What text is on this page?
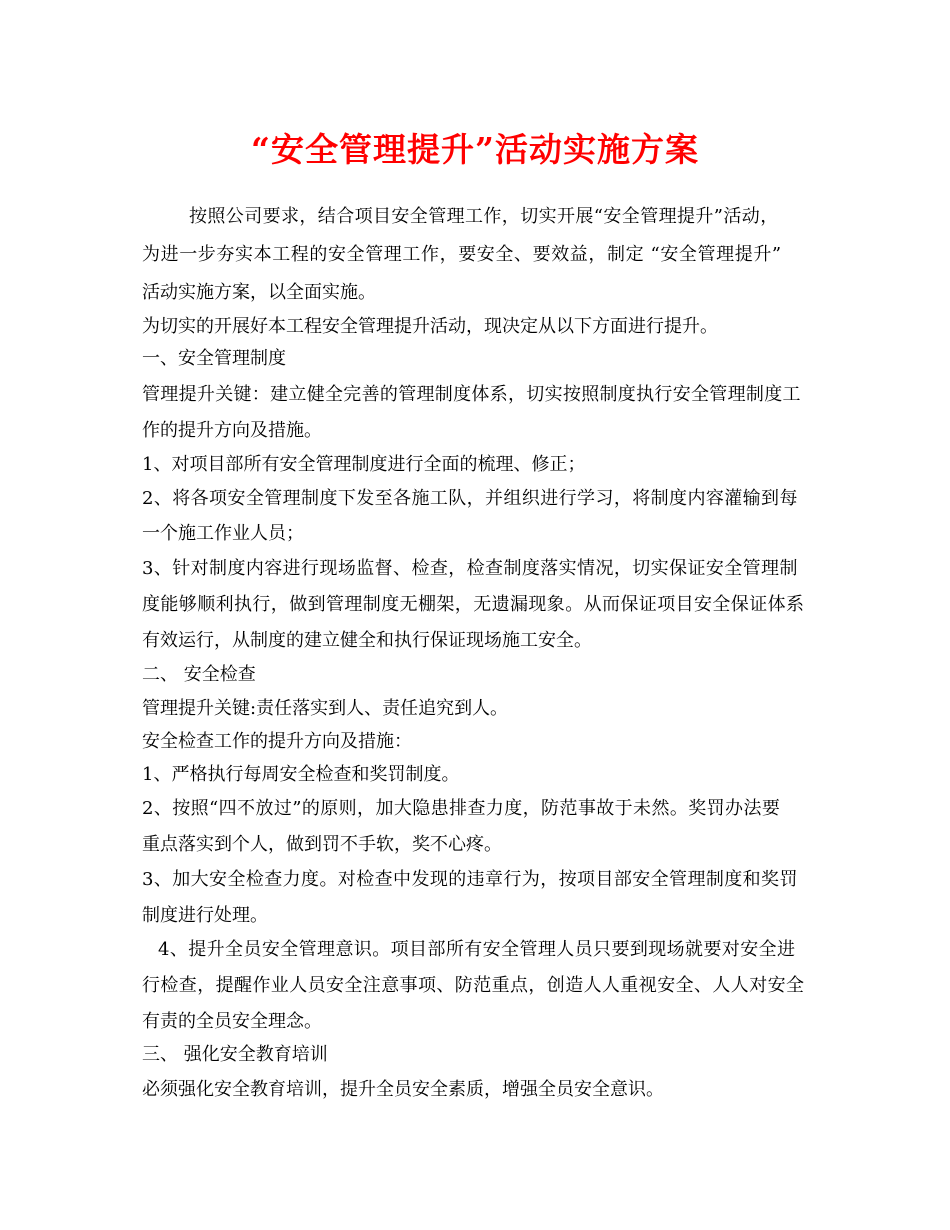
“安全管理提升”活动实施方案
按照公司要求，结合项目安全管理工作，切实开展“安全管理提升”活动，
为进一步夯实本工程的安全管理工作，要安全、要效益，制定 “安全管理提升”
活动实施方案，以全面实施。
为切实的开展好本工程安全管理提升活动，现决定从以下方面进行提升。
一、安全管理制度
管理提升关键：建立健全完善的管理制度体系，切实按照制度执行安全管理制度工
作的提升方向及措施。
1、对项目部所有安全管理制度进行全面的梳理、修正；
2、将各项安全管理制度下发至各施工队，并组织进行学习，将制度内容灌输到每
一个施工作业人员；
3、针对制度内容进行现场监督、检查，检查制度落实情况，切实保证安全管理制
度能够顺利执行，做到管理制度无棚架，无遗漏现象。从而保证项目安全保证体系
有效运行，从制度的建立健全和执行保证现场施工安全。
二、 安全检查
管理提升关键:责任落实到人、责任追究到人。
安全检查工作的提升方向及措施：
1、严格执行每周安全检查和奖罚制度。
2、按照“四不放过”的原则，加大隐患排查力度，防范事故于未然。奖罚办法要
重点落实到个人，做到罚不手软，奖不心疼。
3、加大安全检查力度。对检查中发现的违章行为，按项目部安全管理制度和奖罚
制度进行处理。
4、提升全员安全管理意识。项目部所有安全管理人员只要到现场就要对安全进
行检查，提醒作业人员安全注意事项、防范重点，创造人人重视安全、人人对安全
有责的全员安全理念。
三、 强化安全教育培训
必须强化安全教育培训，提升全员安全素质，增强全员安全意识。
